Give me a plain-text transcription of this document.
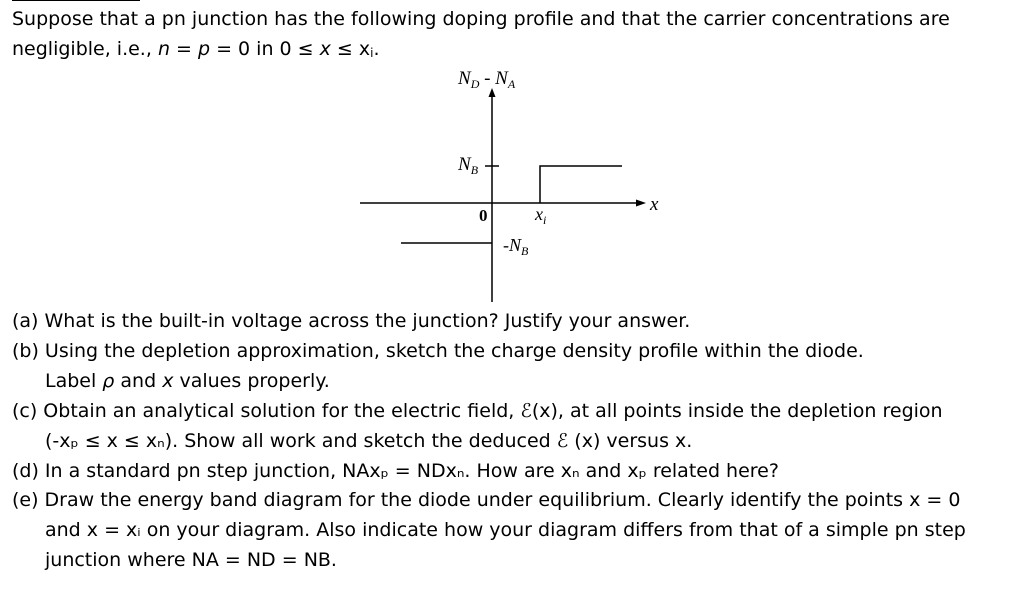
Suppose that a pn junction has the following doping profile and that the carrier concentrations are
negligible, i.e., n = p = 0 in 0 ≤ x ≤ xi.
$N_D - N_A$
$N_B$
0	$x_i$
$-N_B$
x
(a) What is the built-in voltage across the junction? Justify your answer.
(b) Using the depletion approximation, sketch the charge density profile within the diode.
Label ρ and x values properly.
(c) Obtain an analytical solution for the electric field, ℰ(x), at all points inside the depletion region
(-xₚ ≤ x ≤ xₙ). Show all work and sketch the deduced ℰ (x) versus x.
(d) In a standard pn step junction, NAxₚ = NDxₙ. How are xₙ and xₚ related here?
(e) Draw the energy band diagram for the diode under equilibrium. Clearly identify the points x = 0
and x = xᵢ on your diagram. Also indicate how your diagram differs from that of a simple pn step
junction where NA = ND = NB.
